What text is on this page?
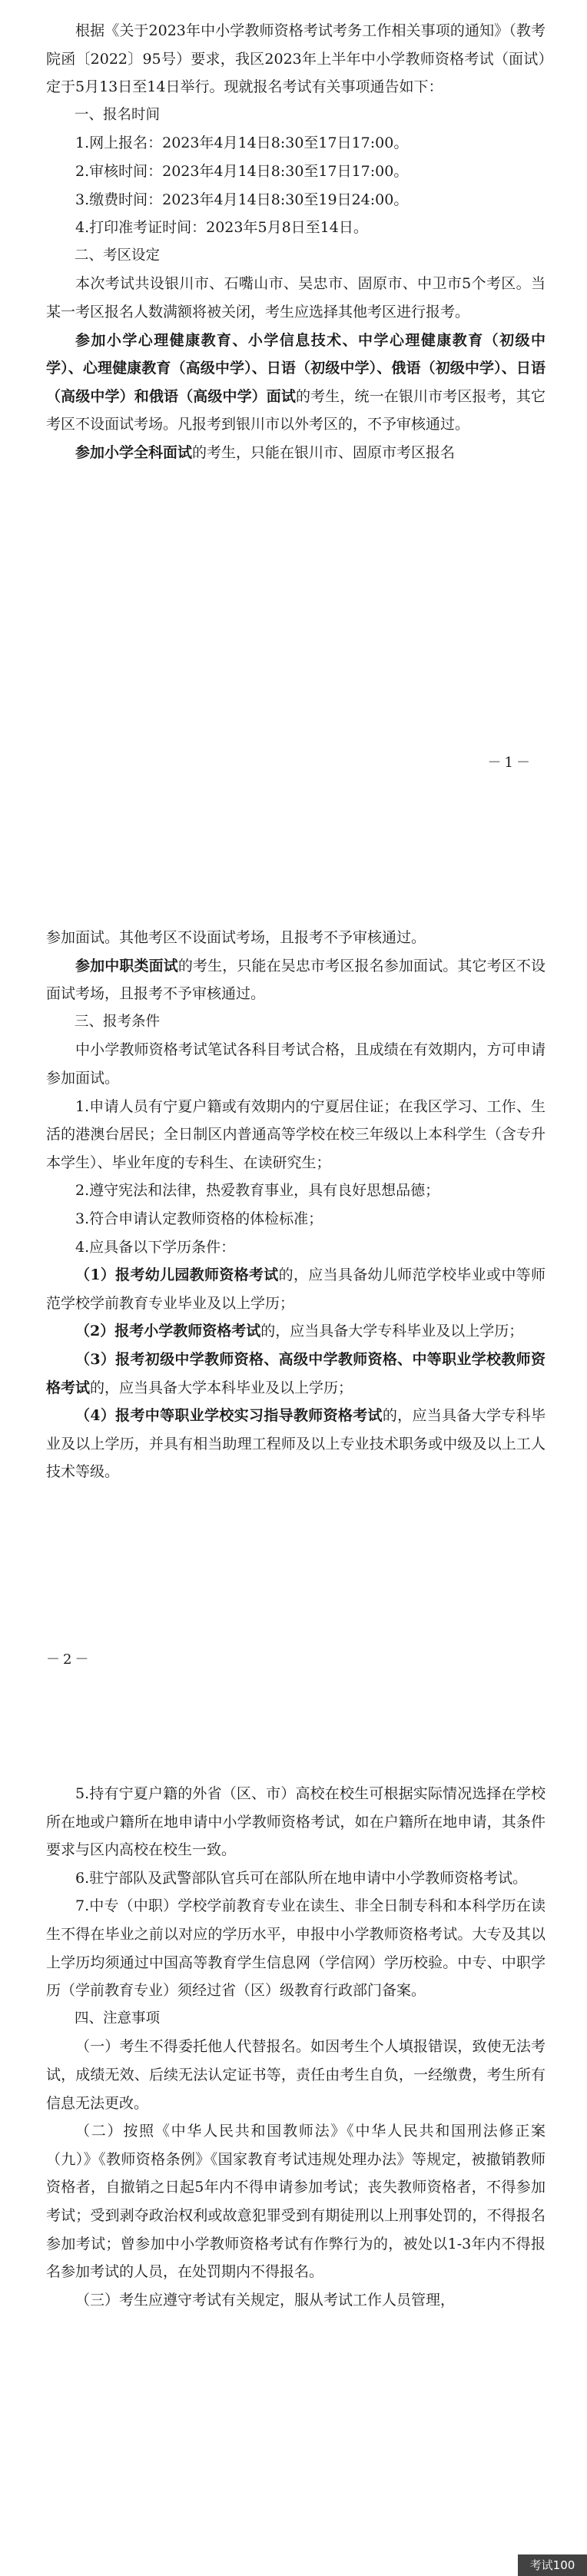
根据《关于2023年中小学教师资格考试考务工作相关事项的通知》（教考院函〔2022〕95号）要求，我区2023年上半年中小学教师资格考试（面试）定于5月13日至14日举行。现就报名考试有关事项通告如下：

一、报名时间

1.网上报名：2023年4月14日8:30至17日17:00。

2.审核时间：2023年4月14日8:30至17日17:00。

3.缴费时间：2023年4月14日8:30至19日24:00。

4.打印准考证时间：2023年5月8日至14日。

二、考区设定

本次考试共设银川市、石嘴山市、吴忠市、固原市、中卫市5个考区。当某一考区报名人数满额将被关闭，考生应选择其他考区进行报考。

参加小学心理健康教育、小学信息技术、中学心理健康教育（初级中学）、心理健康教育（高级中学）、日语（初级中学）、俄语（初级中学）、日语（高级中学）和俄语（高级中学）面试的考生，统一在银川市考区报考，其它考区不设面试考场。凡报考到银川市以外考区的，不予审核通过。

参加小学全科面试的考生，只能在银川市、固原市考区报名

－1－

参加面试。其他考区不设面试考场，且报考不予审核通过。

参加中职类面试的考生，只能在吴忠市考区报名参加面试。其它考区不设面试考场，且报考不予审核通过。

三、报考条件

中小学教师资格考试笔试各科目考试合格，且成绩在有效期内，方可申请参加面试。

1.申请人员有宁夏户籍或有效期内的宁夏居住证；在我区学习、工作、生活的港澳台居民；全日制区内普通高等学校在校三年级以上本科学生（含专升本学生）、毕业年度的专科生、在读研究生；

2.遵守宪法和法律，热爱教育事业，具有良好思想品德；

3.符合申请认定教师资格的体检标准；

4.应具备以下学历条件：

（1）报考幼儿园教师资格考试的，应当具备幼儿师范学校毕业或中等师范学校学前教育专业毕业及以上学历；

（2）报考小学教师资格考试的，应当具备大学专科毕业及以上学历；

（3）报考初级中学教师资格、高级中学教师资格、中等职业学校教师资格考试的，应当具备大学本科毕业及以上学历；

（4）报考中等职业学校实习指导教师资格考试的，应当具备大学专科毕业及以上学历，并具有相当助理工程师及以上专业技术职务或中级及以上工人技术等级。

－2－

5.持有宁夏户籍的外省（区、市）高校在校生可根据实际情况选择在学校所在地或户籍所在地申请中小学教师资格考试，如在户籍所在地申请，其条件要求与区内高校在校生一致。

6.驻宁部队及武警部队官兵可在部队所在地申请中小学教师资格考试。

7.中专（中职）学校学前教育专业在读生、非全日制专科和本科学历在读生不得在毕业之前以对应的学历水平，申报中小学教师资格考试。大专及其以上学历均须通过中国高等教育学生信息网（学信网）学历校验。中专、中职学历（学前教育专业）须经过省（区）级教育行政部门备案。

四、注意事项

（一）考生不得委托他人代替报名。如因考生个人填报错误，致使无法考试，成绩无效、后续无法认定证书等，责任由考生自负，一经缴费，考生所有信息无法更改。

（二）按照《中华人民共和国教师法》《中华人民共和国刑法修正案（九）》《教师资格条例》《国家教育考试违规处理办法》等规定，被撤销教师资格者，自撤销之日起5年内不得申请参加考试；丧失教师资格者，不得参加考试；受到剥夺政治权利或故意犯罪受到有期徒刑以上刑事处罚的，不得报名参加考试；曾参加中小学教师资格考试有作弊行为的，被处以1-3年内不得报名参加考试的人员，在处罚期内不得报名。

（三）考生应遵守考试有关规定，服从考试工作人员管理，

考试100
